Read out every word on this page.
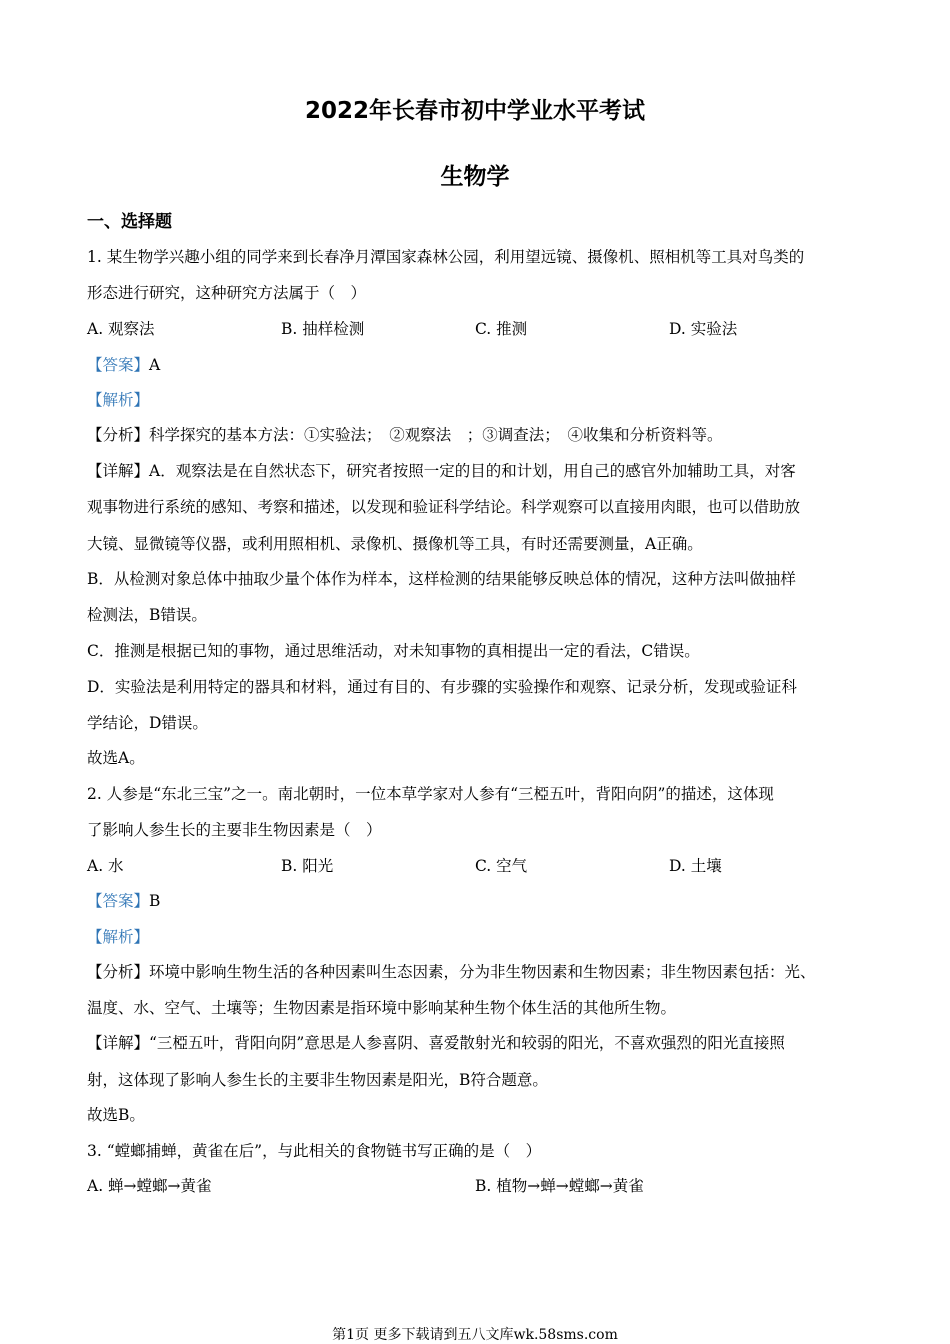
2022年长春市初中学业水平考试
生物学
一、选择题
1. 某生物学兴趣小组的同学来到长春净月潭国家森林公园，利用望远镜、摄像机、照相机等工具对鸟类的
形态进行研究，这种研究方法属于（　）
A. 观察法	B. 抽样检测	C. 推测	D. 实验法
【答案】A
【解析】
【分析】科学探究的基本方法：①实验法；　②观察法　；③调查法；　④收集和分析资料等。
【详解】A．观察法是在自然状态下，研究者按照一定的目的和计划，用自己的感官外加辅助工具，对客
观事物进行系统的感知、考察和描述，以发现和验证科学结论。科学观察可以直接用肉眼，也可以借助放
大镜、显微镜等仪器，或利用照相机、录像机、摄像机等工具，有时还需要测量，A正确。
B．从检测对象总体中抽取少量个体作为样本，这样检测的结果能够反映总体的情况，这种方法叫做抽样
检测法，B错误。
C．推测是根据已知的事物，通过思维活动，对未知事物的真相提出一定的看法，C错误。
D．实验法是利用特定的器具和材料，通过有目的、有步骤的实验操作和观察、记录分析，发现或验证科
学结论，D错误。
故选A。
2. 人参是“东北三宝”之一。南北朝时，一位本草学家对人参有“三椏五叶，背阳向阴”的描述，这体现
了影响人参生长的主要非生物因素是（　）
A. 水	B. 阳光	C. 空气	D. 土壤
【答案】B
【解析】
【分析】环境中影响生物生活的各种因素叫生态因素，分为非生物因素和生物因素；非生物因素包括：光、
温度、水、空气、土壤等；生物因素是指环境中影响某种生物个体生活的其他所生物。
【详解】“三椏五叶，背阳向阴”意思是人参喜阴、喜爱散射光和较弱的阳光，不喜欢强烈的阳光直接照
射，这体现了影响人参生长的主要非生物因素是阳光，B符合题意。
故选B。
3. “螳螂捕蝉，黄雀在后”，与此相关的食物链书写正确的是（　）
A. 蝉→螳螂→黄雀	B. 植物→蝉→螳螂→黄雀
第1页 更多下载请到五八文库wk.58sms.com
